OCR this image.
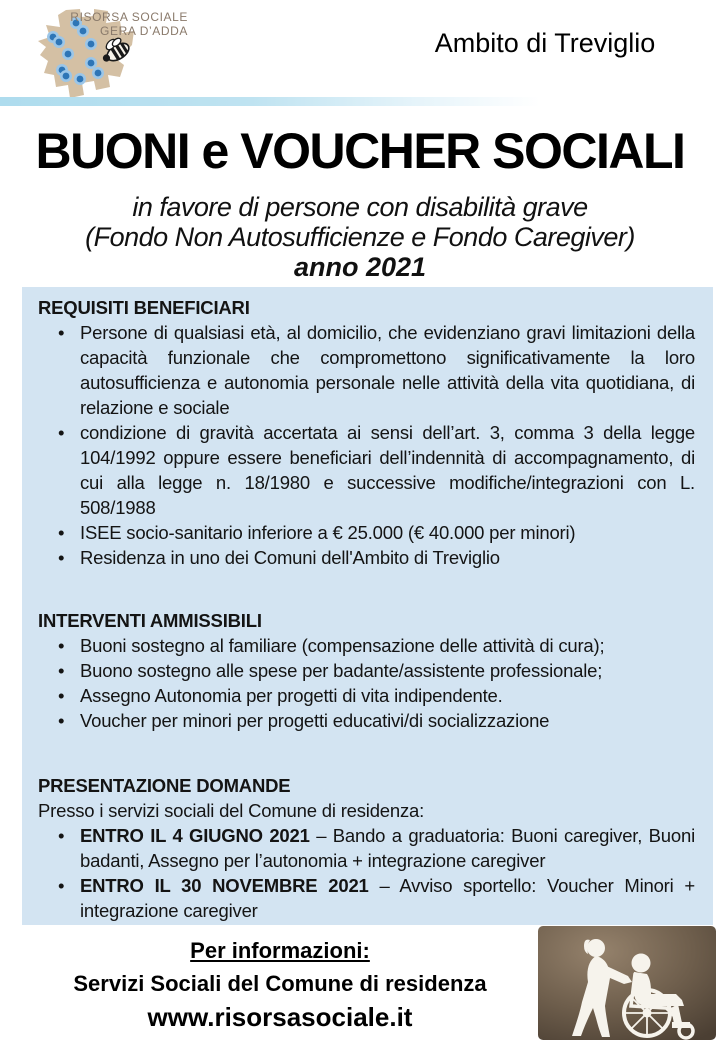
RISORSA SOCIALE
GERA D’ADDA	Ambito di Treviglio
BUONI e VOUCHER SOCIALI
in favore di persone con disabilità grave
(Fondo Non Autosufficienze e Fondo Caregiver)
anno 2021
REQUISITI BENEFICIARI
• Persone di qualsiasi età, al domicilio, che evidenziano gravi limitazioni della capacità funzionale che compromettono significativamente la loro autosufficienza e autonomia personale nelle attività della vita quotidiana, di relazione e sociale
• condizione di gravità accertata ai sensi dell’art. 3, comma 3 della legge 104/1992 oppure essere beneficiari dell’indennità di accompagnamento, di cui alla legge n. 18/1980 e successive modifiche/integrazioni con L. 508/1988
• ISEE socio-sanitario inferiore a € 25.000 (€ 40.000 per minori)
• Residenza in uno dei Comuni dell'Ambito di Treviglio
INTERVENTI AMMISSIBILI
• Buoni sostegno al familiare (compensazione delle attività di cura);
• Buono sostegno alle spese per badante/assistente professionale;
• Assegno Autonomia per progetti di vita indipendente.
• Voucher per minori per progetti educativi/di socializzazione
PRESENTAZIONE DOMANDE
Presso i servizi sociali del Comune di residenza:
• ENTRO IL 4 GIUGNO 2021 – Bando a graduatoria: Buoni caregiver, Buoni badanti, Assegno per l’autonomia + integrazione caregiver
• ENTRO IL 30 NOVEMBRE 2021 – Avviso sportello: Voucher Minori + integrazione caregiver
Per informazioni:
Servizi Sociali del Comune di residenza
www.risorsasociale.it
